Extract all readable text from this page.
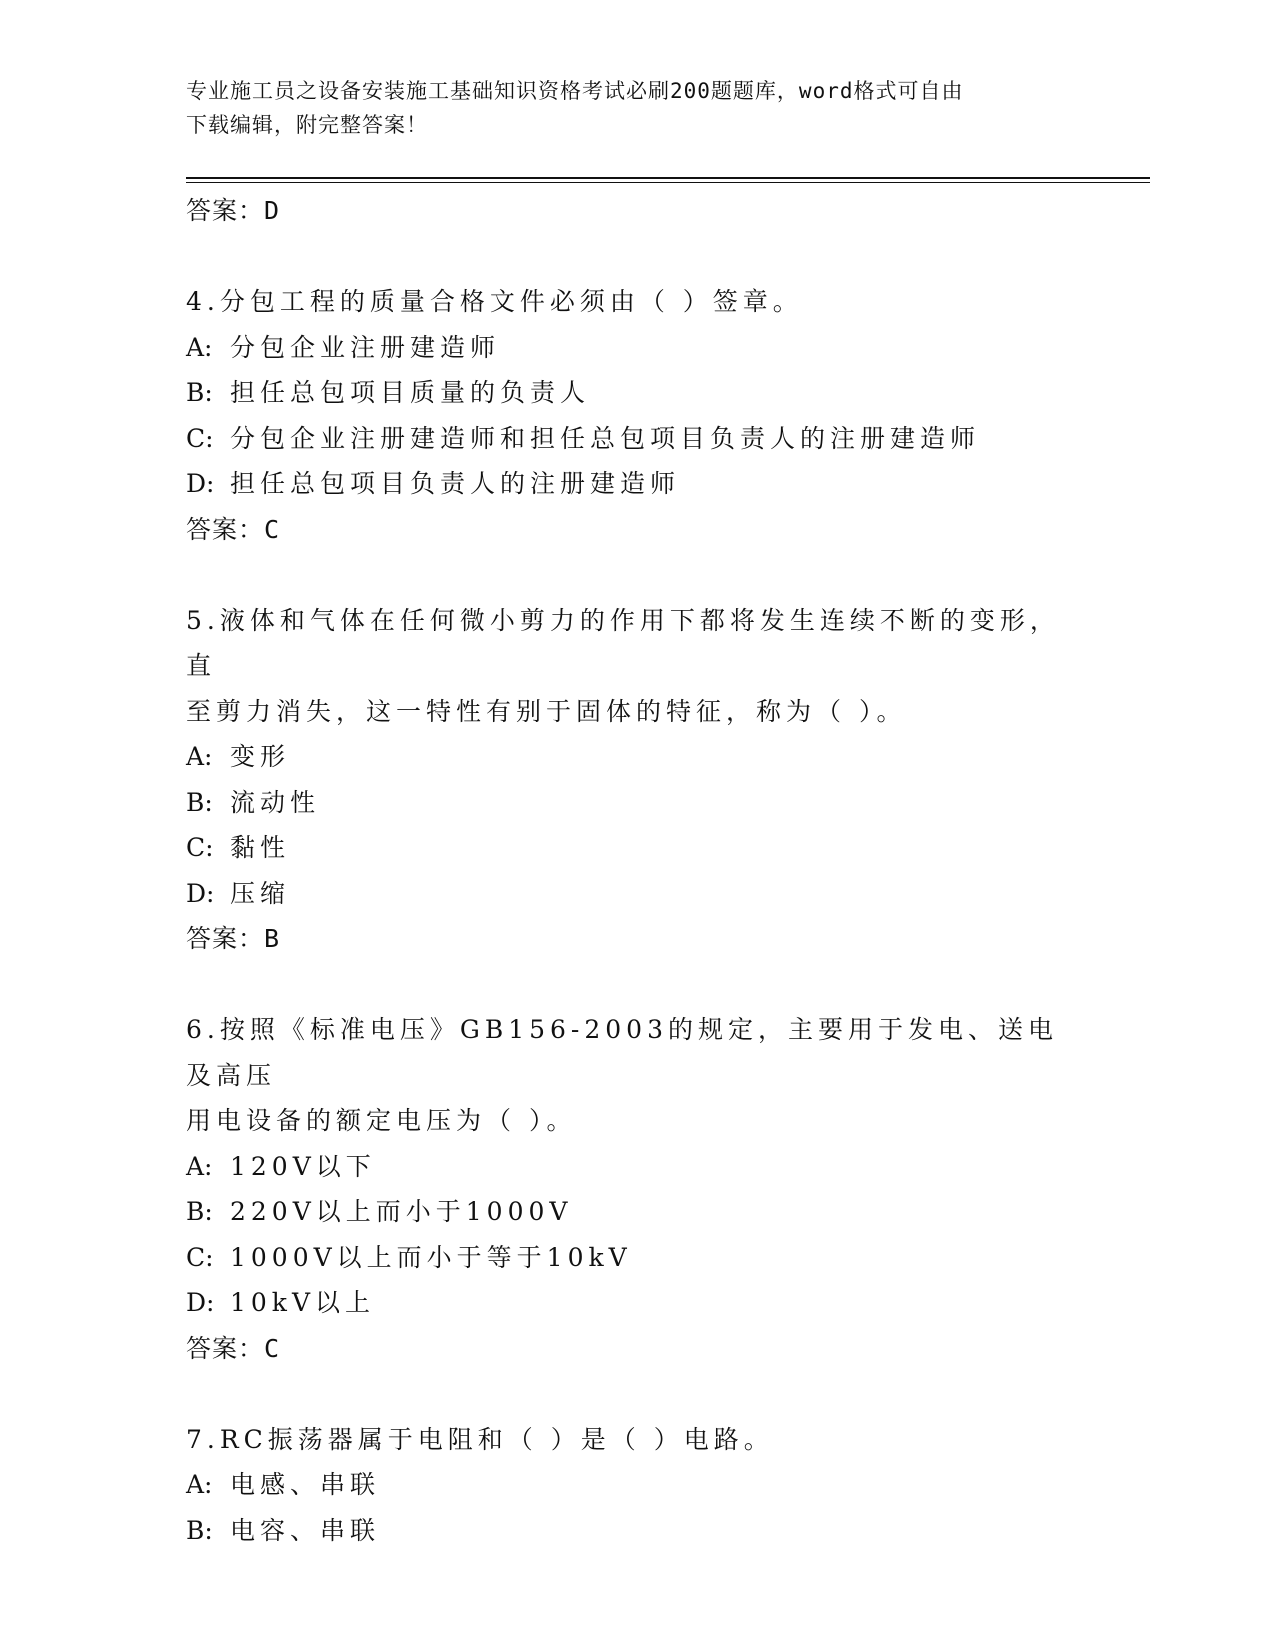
专业施工员之设备安装施工基础知识资格考试必刷200题题库，word格式可自由
下载编辑，附完整答案！
答案：D
4.分包工程的质量合格文件必须由（ ）签章。
A: 分包企业注册建造师
B: 担任总包项目质量的负责人
C: 分包企业注册建造师和担任总包项目负责人的注册建造师
D: 担任总包项目负责人的注册建造师
答案：C
5.液体和气体在任何微小剪力的作用下都将发生连续不断的变形，直
至剪力消失，这一特性有别于固体的特征，称为（ ）。
A: 变形
B: 流动性
C: 黏性
D: 压缩
答案：B
6.按照《标准电压》GB156-2003的规定，主要用于发电、送电及高压
用电设备的额定电压为（ ）。
A: 120V以下
B: 220V以上而小于1000V
C: 1000V以上而小于等于10kV
D: 10kV以上
答案：C
7.RC振荡器属于电阻和（ ）是（ ）电路。
A: 电感、串联
B: 电容、串联
